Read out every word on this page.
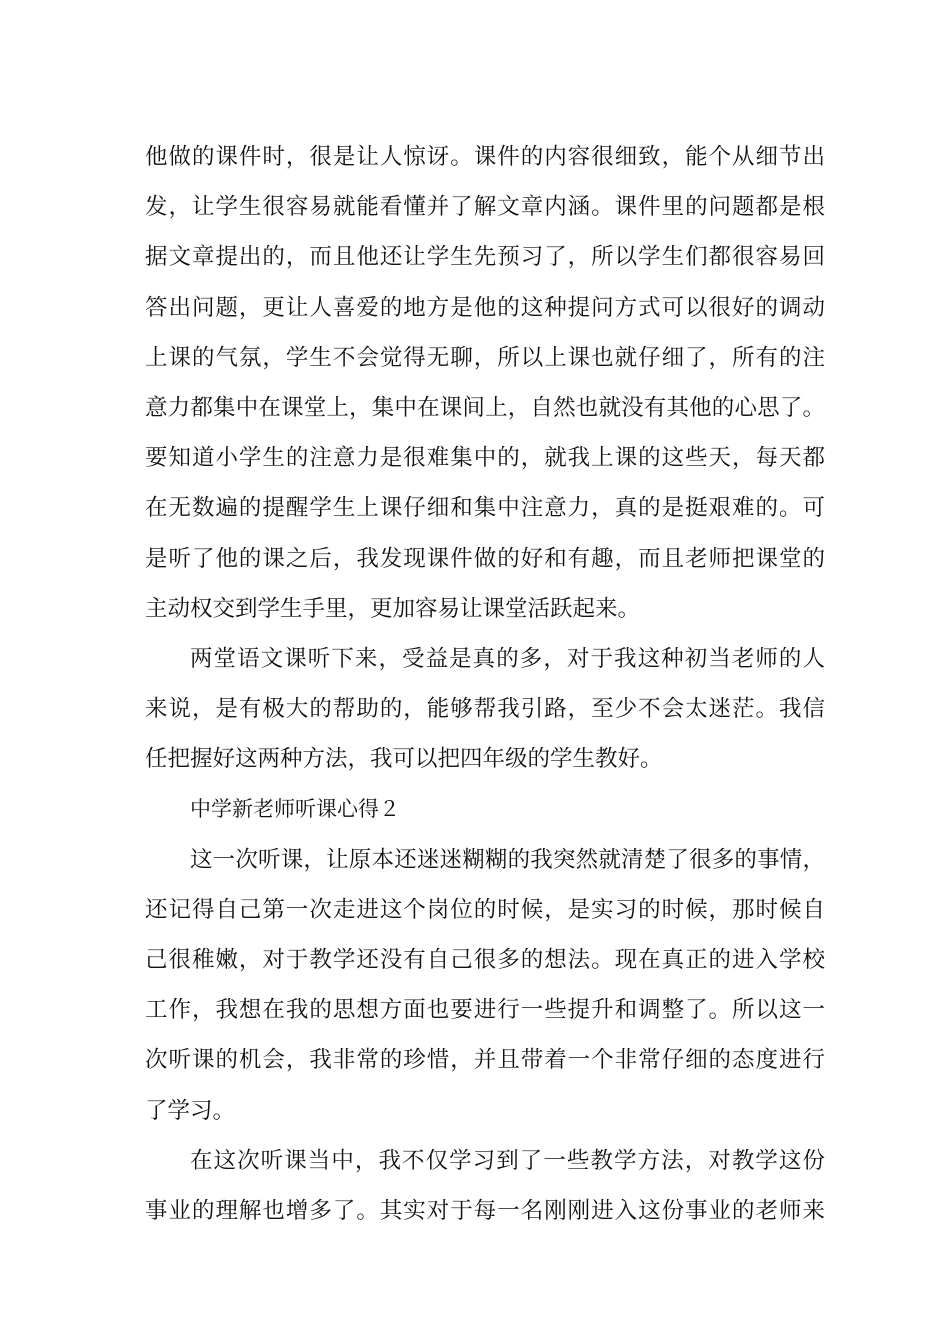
他做的课件时，很是让人惊讶。课件的内容很细致，能个从细节出
发，让学生很容易就能看懂并了解文章内涵。课件里的问题都是根
据文章提出的，而且他还让学生先预习了，所以学生们都很容易回
答出问题，更让人喜爱的地方是他的这种提问方式可以很好的调动
上课的气氛，学生不会觉得无聊，所以上课也就仔细了，所有的注
意力都集中在课堂上，集中在课间上，自然也就没有其他的心思了。
要知道小学生的注意力是很难集中的，就我上课的这些天，每天都
在无数遍的提醒学生上课仔细和集中注意力，真的是挺艰难的。可
是听了他的课之后，我发现课件做的好和有趣，而且老师把课堂的
主动权交到学生手里，更加容易让课堂活跃起来。
两堂语文课听下来，受益是真的多，对于我这种初当老师的人
来说，是有极大的帮助的，能够帮我引路，至少不会太迷茫。我信
任把握好这两种方法，我可以把四年级的学生教好。
中学新老师听课心得２
这一次听课，让原本还迷迷糊糊的我突然就清楚了很多的事情，
还记得自己第一次走进这个岗位的时候，是实习的时候，那时候自
己很稚嫩，对于教学还没有自己很多的想法。现在真正的进入学校
工作，我想在我的思想方面也要进行一些提升和调整了。所以这一
次听课的机会，我非常的珍惜，并且带着一个非常仔细的态度进行
了学习。
在这次听课当中，我不仅学习到了一些教学方法，对教学这份
事业的理解也增多了。其实对于每一名刚刚进入这份事业的老师来
